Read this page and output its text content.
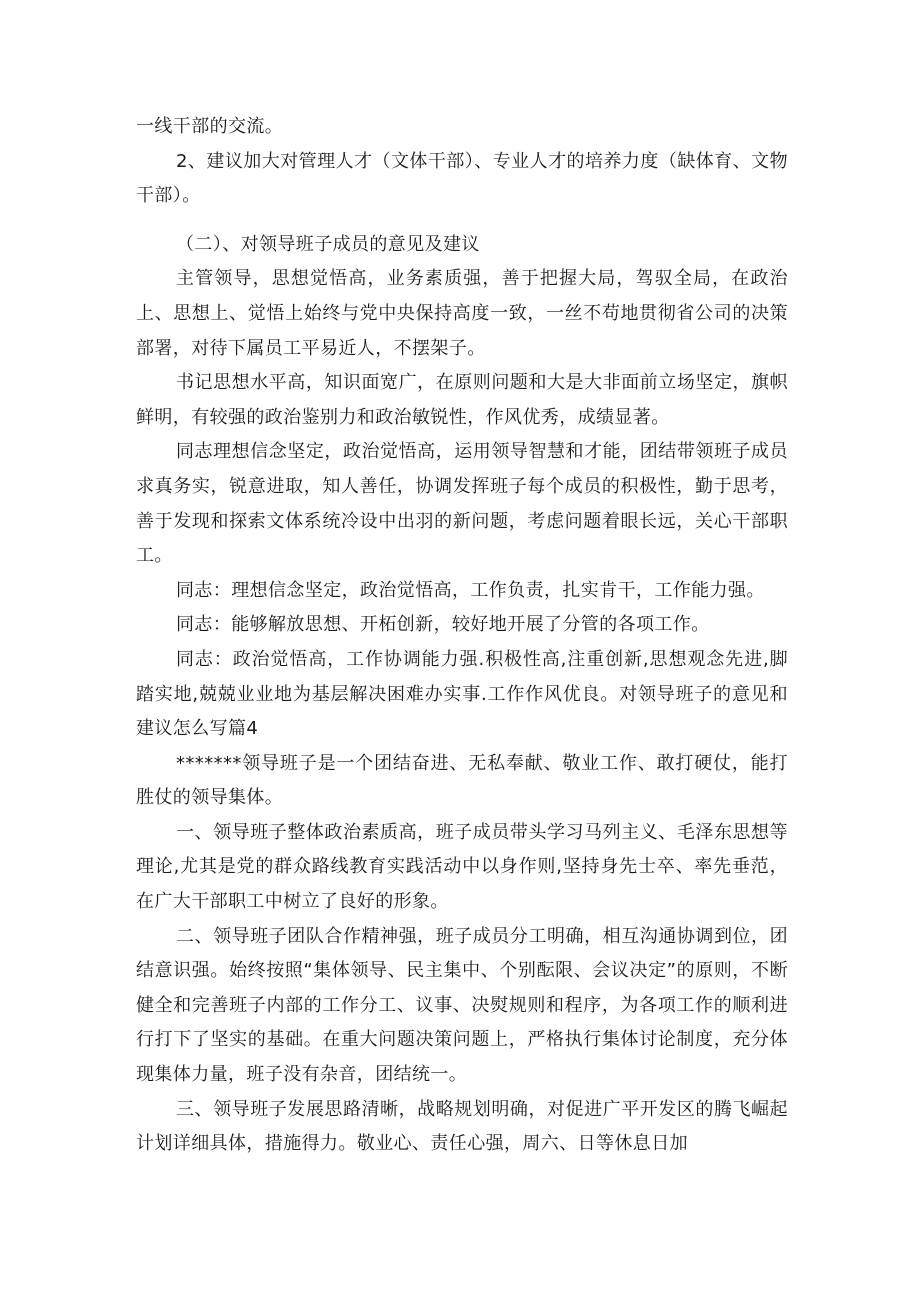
一线干部的交流。

2、建议加大对管理人才（文体干部）、专业人才的培养力度（缺体育、文物干部）。

（二）、对领导班子成员的意见及建议

主管领导，思想觉悟高，业务素质强，善于把握大局，驾驭全局，在政治上、思想上、觉悟上始终与党中央保持高度一致，一丝不苟地贯彻省公司的决策部署，对待下属员工平易近人，不摆架子。

书记思想水平高，知识面宽广，在原则问题和大是大非面前立场坚定，旗帜鲜明，有较强的政治鉴别力和政治敏锐性，作风优秀，成绩显著。

同志理想信念坚定，政治觉悟高，运用领导智慧和才能，团结带领班子成员求真务实，锐意进取，知人善任，协调发挥班子每个成员的积极性，勤于思考，善于发现和探索文体系统冷设中出羽的新问题，考虑问题着眼长远，关心干部职工。

同志：理想信念坚定，政治觉悟高，工作负责，扎实肯干，工作能力强。

同志：能够解放思想、开柘创新，较好地开展了分管的各项工作。

同志：政治觉悟高，工作协调能力强.积极性高,注重创新,思想观念先进,脚踏实地,兢兢业业地为基层解决困难办实事.工作作风优良。对领导班子的意见和建议怎么写篇4

*******领导班子是一个团结奋进、无私奉献、敬业工作、敢打硬仗，能打胜仗的领导集体。

一、领导班子整体政治素质高，班子成员带头学习马列主义、毛泽东思想等理论,尤其是党的群众路线教育实践活动中以身作则,坚持身先士卒、率先垂范，在广大干部职工中树立了良好的形象。

二、领导班子团队合作精神强，班子成员分工明确，相互沟通协调到位，团结意识强。始终按照“集体领导、民主集中、个别酝限、会议决定”的原则，不断健全和完善班子内部的工作分工、议事、决熨规则和程序，为各项工作的顺利进行打下了坚实的基础。在重大问题决策问题上，严格执行集体讨论制度，充分体现集体力量，班子没有杂音，团结统一。

三、领导班子发展思路清晰，战略规划明确，对促进广平开发区的腾飞崛起计划详细具体，措施得力。敬业心、责任心强，周六、日等休息日加
